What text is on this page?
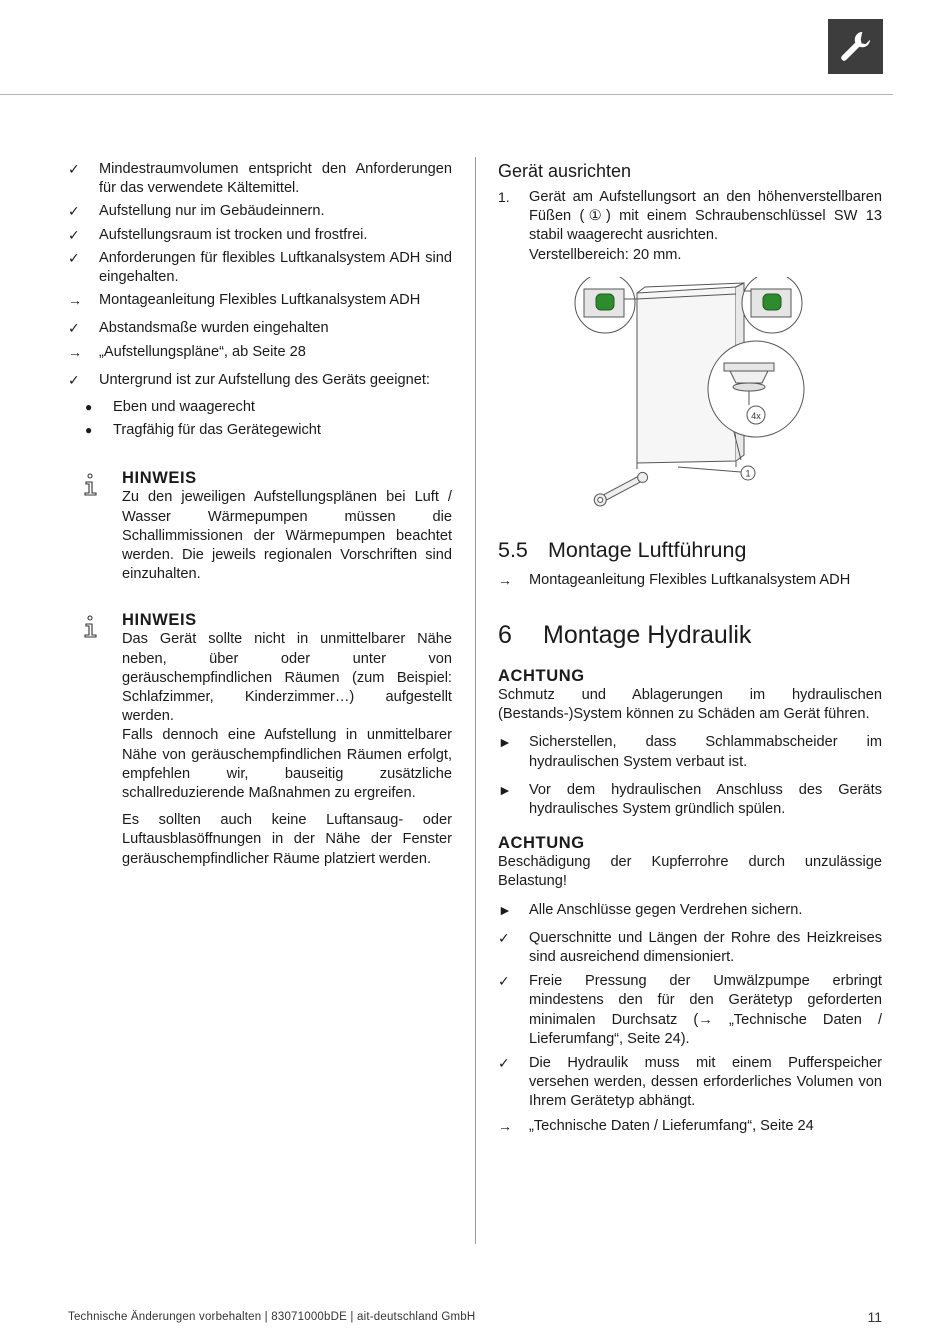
✓	Mindestraumvolumen entspricht den Anforderungen für das verwendete Kältemittel.
✓	Aufstellung nur im Gebäudeinnern.
✓	Aufstellungsraum ist trocken und frostfrei.
✓	Anforderungen für flexibles Luftkanalsystem ADH sind eingehalten.
→	Montageanleitung Flexibles Luftkanalsystem ADH
✓	Abstandsmaße wurden eingehalten
→	„Aufstellungspläne“, ab Seite 28
✓	Untergrund ist zur Aufstellung des Geräts geeignet:
●	Eben und waagerecht
●	Tragfähig für das Gerätegewicht
HINWEIS

Zu den jeweiligen Aufstellungsplänen bei Luft / Wasser Wärmepumpen müssen die Schallimmissionen der Wärmepumpen beachtet werden. Die jeweils regionalen Vorschriften sind einzuhalten.

HINWEIS

Das Gerät sollte nicht in unmittelbarer Nähe neben, über oder unter von geräuschempfindlichen Räumen (zum Beispiel: Schlafzimmer, Kinderzimmer…) aufgestellt werden.

Falls dennoch eine Aufstellung in unmittelbarer Nähe von geräuschempfindlichen Räumen erfolgt, empfehlen wir, bauseitig zusätzliche schallreduzierende Maßnahmen zu ergreifen.

Es sollten auch keine Luftansaug- oder Luftausblasöffnungen in der Nähe der Fenster geräuschempfindlicher Räume platziert werden.

Gerät ausrichten
1.	Gerät am Aufstellungsort an den höhenverstellbaren Füßen (①) mit einem Schraubenschlüssel SW 13 stabil waagerecht ausrichten.
Verstellbereich: 20 mm.
4x
1
5.5 Montage Luftführung
→	Montageanleitung Flexibles Luftkanalsystem ADH
6 Montage Hydraulik
ACHTUNG
Schmutz und Ablagerungen im hydraulischen (Bestands-)System können zu Schäden am Gerät führen.
►	Sicherstellen, dass Schlammabscheider im hydraulischen System verbaut ist.
►	Vor dem hydraulischen Anschluss des Geräts hydraulisches System gründlich spülen.
ACHTUNG
Beschädigung der Kupferrohre durch unzulässige Belastung!
►	Alle Anschlüsse gegen Verdrehen sichern.
✓	Querschnitte und Längen der Rohre des Heizkreises sind ausreichend dimensioniert.
✓	Freie Pressung der Umwälzpumpe erbringt mindestens den für den Gerätetyp geforderten minimalen Durchsatz (→ „Technische Daten / Lieferumfang“, Seite 24).
✓	Die Hydraulik muss mit einem Pufferspeicher versehen werden, dessen erforderliches Volumen von Ihrem Gerätetyp abhängt.
→	„Technische Daten / Lieferumfang“, Seite 24
Technische Änderungen vorbehalten | 83071000bDE | ait-deutschland GmbH	11
